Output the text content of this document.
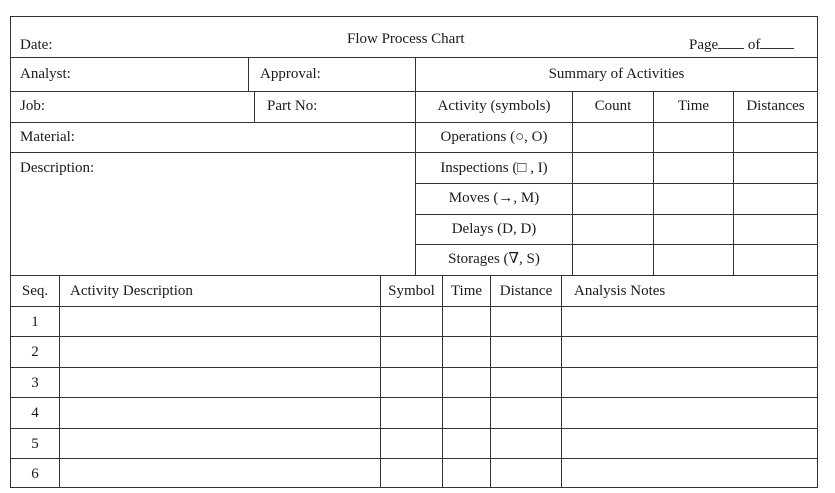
Date:	Flow Process Chart	Page of
Analyst:	Approval:
Job:	Part No:
Material:
Description:
Summary of Activities
Activity (symbols)	Count	Time	Distances
Operations (○, O)
Inspections (□ , I)
Moves (→, M)
Delays (D, D)
Storages (∇, S)
Seq.	Activity Description	Symbol	Time	Distance	Analysis Notes
1
2
3
4
5
6
